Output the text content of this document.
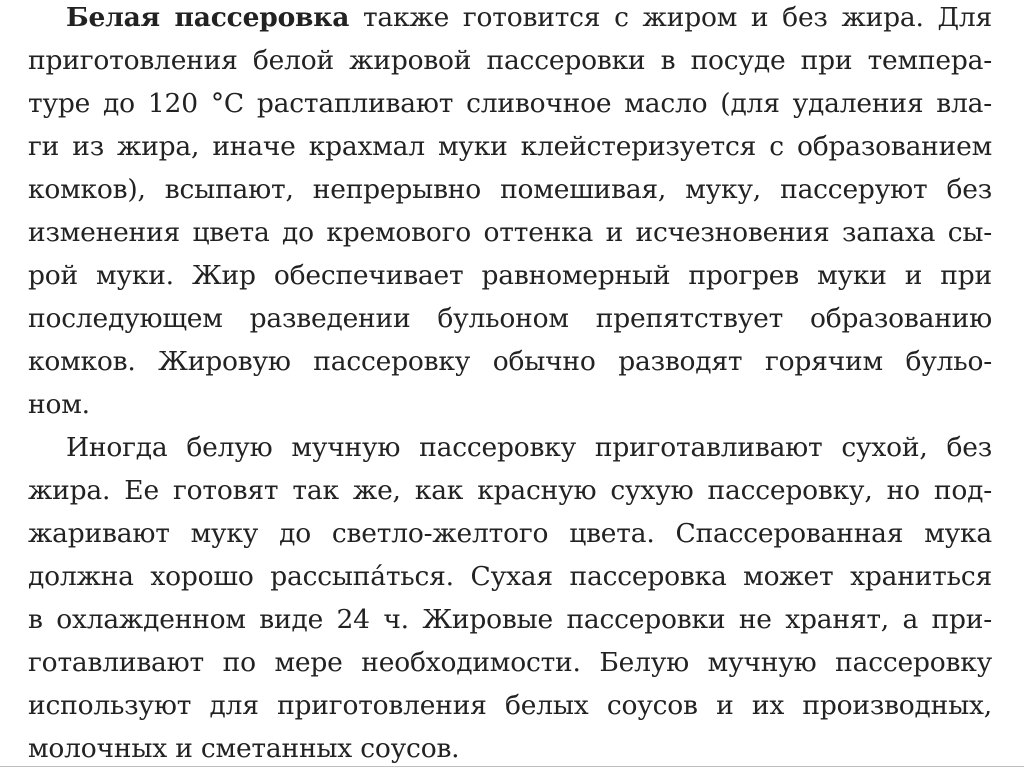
Белая пассеровка также готовится с жиром и без жира. Для
приготовления белой жировой пассеровки в посуде при темпера-
туре до 120 °С растапливают сливочное масло (для удаления вла-
ги из жира, иначе крахмал муки клейстеризуется с образованием
комков), всыпают, непрерывно помешивая, муку, пассеруют без
изменения цвета до кремового оттенка и исчезновения запаха сы-
рой муки. Жир обеспечивает равномерный прогрев муки и при
последующем разведении бульоном препятствует образованию
комков. Жировую пассеровку обычно разводят горячим бульо-
ном.
Иногда белую мучную пассеровку приготавливают сухой, без
жира. Ее готовят так же, как красную сухую пассеровку, но под-
жаривают муку до светло-желтого цвета. Спассерованная мука
должна хорошо рассыпа́ться. Сухая пассеровка может храниться
в охлажденном виде 24 ч. Жировые пассеровки не хранят, а при-
готавливают по мере необходимости. Белую мучную пассеровку
используют для приготовления белых соусов и их производных,
молочных и сметанных соусов.
